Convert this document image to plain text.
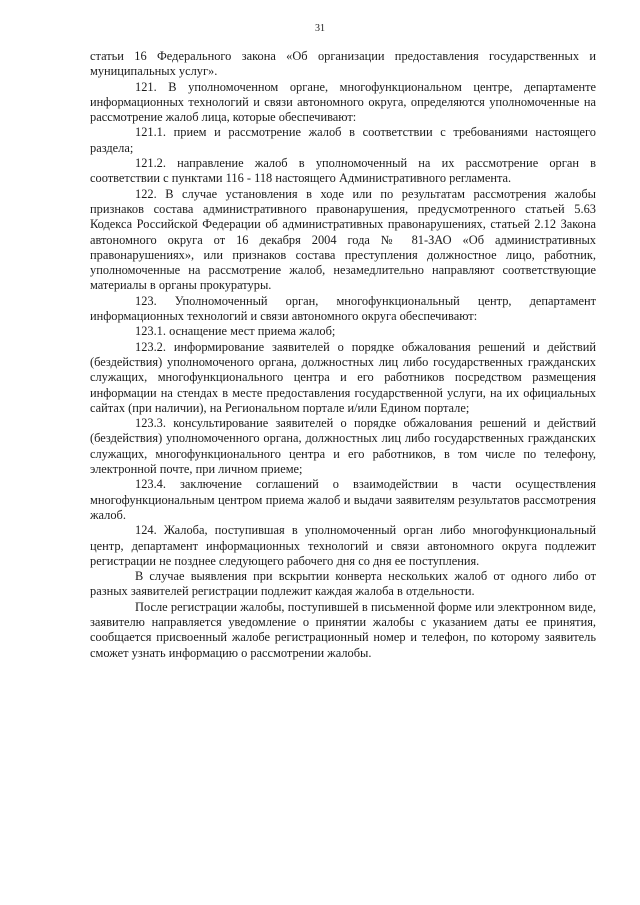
31

статьи 16 Федерального закона «Об организации предоставления государственных и муниципальных услуг».

121. В уполномоченном органе, многофункциональном центре, департаменте информационных технологий и связи автономного округа, определяются уполномоченные на рассмотрение жалоб лица, которые обеспечивают:

121.1. прием и рассмотрение жалоб в соответствии с требованиями настоящего раздела;

121.2. направление жалоб в уполномоченный на их рассмотрение орган в соответствии с пунктами 116 - 118 настоящего Административного регламента.

122. В случае установления в ходе или по результатам рассмотрения жалобы признаков состава административного правонарушения, предусмотренного статьей 5.63 Кодекса Российской Федерации об административных правонарушениях, статьей 2.12 Закона автономного округа от 16 декабря 2004 года № 81-ЗАО «Об административных правонарушениях», или признаков состава преступления должностное лицо, работник, уполномоченные на рассмотрение жалоб, незамедлительно направляют соответствующие материалы в органы прокуратуры.

123. Уполномоченный орган, многофункциональный центр, департамент информационных технологий и связи автономного округа обеспечивают:

123.1. оснащение мест приема жалоб;

123.2. информирование заявителей о порядке обжалования решений и действий (бездействия) уполномоченого органа, должностных лиц либо государственных гражданских служащих, многофункционального центра и его работников посредством размещения информации на стендах в месте предоставления государственной услуги, на их официальных сайтах (при наличии), на Региональном портале и/или Едином портале;

123.3. консультирование заявителей о порядке обжалования решений и действий (бездействия) уполномоченного органа, должностных лиц либо государственных гражданских служащих, многофункционального центра и его работников, в том числе по телефону, электронной почте, при личном приеме;

123.4. заключение соглашений о взаимодействии в части осуществления многофункциональным центром приема жалоб и выдачи заявителям результатов рассмотрения жалоб.

124. Жалоба, поступившая в уполномоченный орган либо многофункциональный центр, департамент информационных технологий и связи автономного округа подлежит регистрации не позднее следующего рабочего дня со дня ее поступления.

В случае выявления при вскрытии конверта нескольких жалоб от одного либо от разных заявителей регистрации подлежит каждая жалоба в отдельности.

После регистрации жалобы, поступившей в письменной форме или электронном виде, заявителю направляется уведомление о принятии жалобы с указанием даты ее принятия, сообщается присвоенный жалобе регистрационный номер и телефон, по которому заявитель сможет узнать информацию о рассмотрении жалобы.
